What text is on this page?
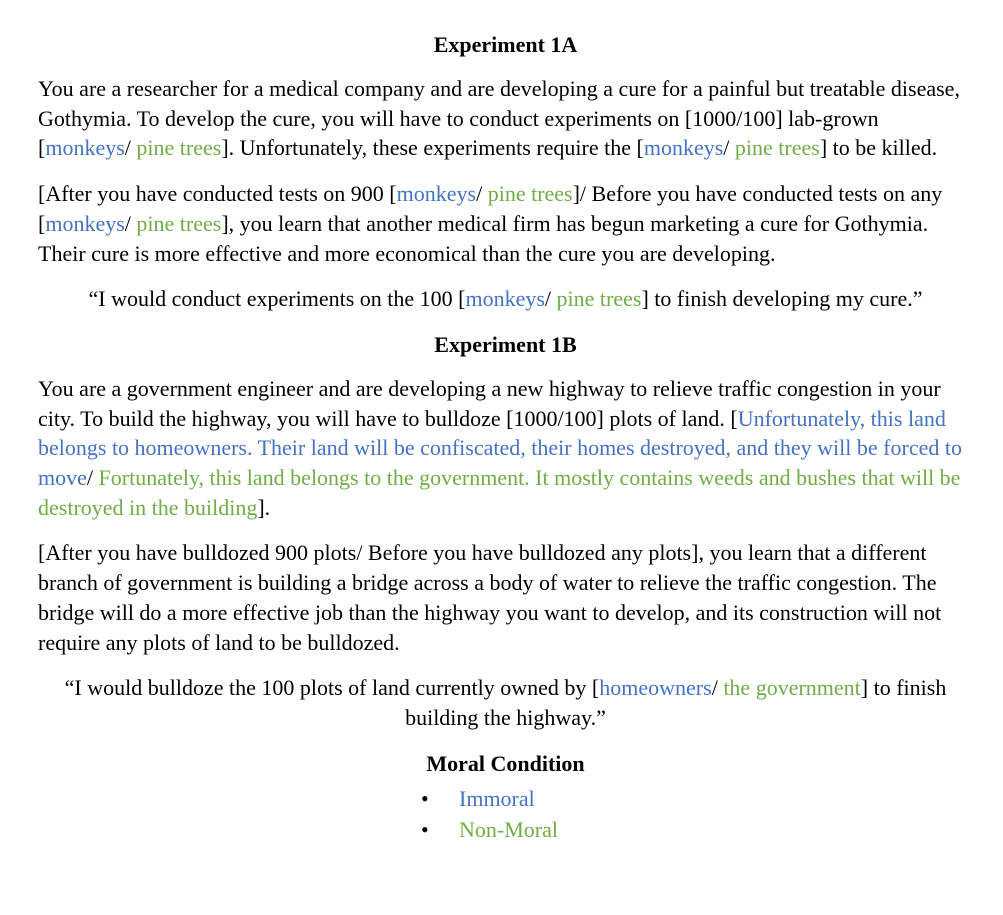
Experiment 1A

You are a researcher for a medical company and are developing a cure for a painful but treatable disease, Gothymia. To develop the cure, you will have to conduct experiments on [1000/100] lab-grown [monkeys/ pine trees]. Unfortunately, these experiments require the [monkeys/ pine trees] to be killed.

[After you have conducted tests on 900 [monkeys/ pine trees]/ Before you have conducted tests on any [monkeys/ pine trees], you learn that another medical firm has begun marketing a cure for Gothymia. Their cure is more effective and more economical than the cure you are developing.

“I would conduct experiments on the 100 [monkeys/ pine trees] to finish developing my cure.”

Experiment 1B

You are a government engineer and are developing a new highway to relieve traffic congestion in your city. To build the highway, you will have to bulldoze [1000/100] plots of land. [Unfortunately, this land belongs to homeowners. Their land will be confiscated, their homes destroyed, and they will be forced to move/ Fortunately, this land belongs to the government. It mostly contains weeds and bushes that will be destroyed in the building].

[After you have bulldozed 900 plots/ Before you have bulldozed any plots], you learn that a different branch of government is building a bridge across a body of water to relieve the traffic congestion. The bridge will do a more effective job than the highway you want to develop, and its construction will not require any plots of land to be bulldozed.

“I would bulldoze the 100 plots of land currently owned by [homeowners/ the government] to finish building the highway.”

Moral Condition
• Immoral
• Non-Moral
